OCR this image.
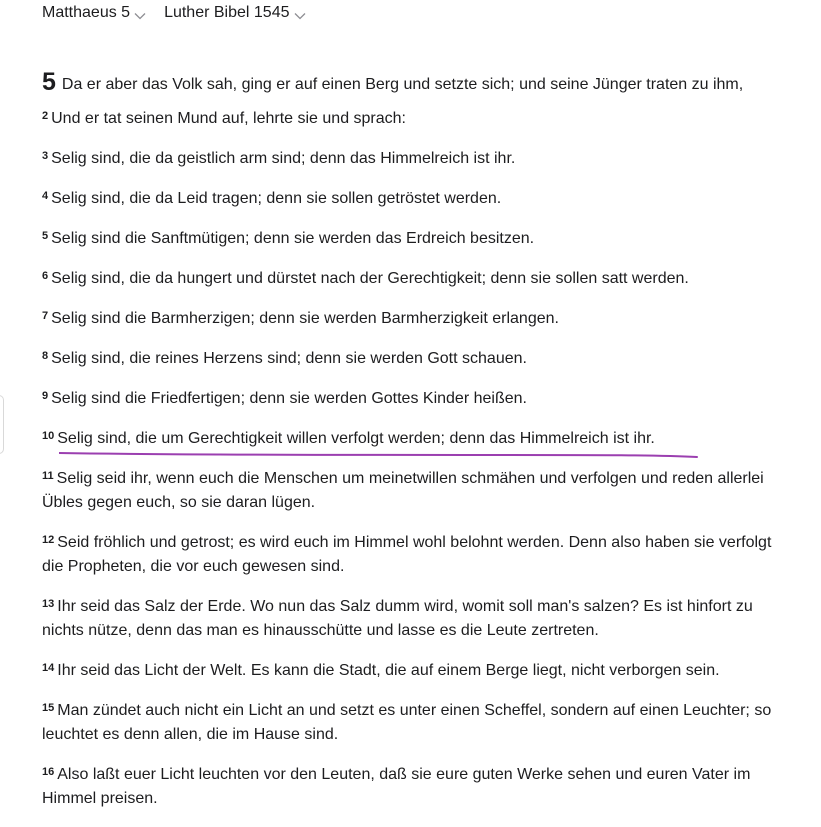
Matthaeus 5 Luther Bibel 1545

5 Da er aber das Volk sah, ging er auf einen Berg und setzte sich; und seine Jünger traten zu ihm,

$^2$ Und er tat seinen Mund auf, lehrte sie und sprach:

$^3$ Selig sind, die da geistlich arm sind; denn das Himmelreich ist ihr.

$^4$ Selig sind, die da Leid tragen; denn sie sollen getröstet werden.

$^5$ Selig sind die Sanftmütigen; denn sie werden das Erdreich besitzen.

$^6$ Selig sind, die da hungert und dürstet nach der Gerechtigkeit; denn sie sollen satt werden.

$^7$ Selig sind die Barmherzigen; denn sie werden Barmherzigkeit erlangen.

$^8$ Selig sind, die reines Herzens sind; denn sie werden Gott schauen.

$^9$ Selig sind die Friedfertigen; denn sie werden Gottes Kinder heißen.

$^{10}$ Selig sind, die um Gerechtigkeit willen verfolgt werden; denn das Himmelreich ist ihr.

$^{11}$ Selig seid ihr, wenn euch die Menschen um meinetwillen schmähen und verfolgen und reden allerlei Übles gegen euch, so sie daran lügen.

$^{12}$ Seid fröhlich und getrost; es wird euch im Himmel wohl belohnt werden. Denn also haben sie verfolgt die Propheten, die vor euch gewesen sind.

$^{13}$ Ihr seid das Salz der Erde. Wo nun das Salz dumm wird, womit soll man's salzen? Es ist hinfort zu nichts nütze, denn das man es hinausschütte und lasse es die Leute zertreten.

$^{14}$ Ihr seid das Licht der Welt. Es kann die Stadt, die auf einem Berge liegt, nicht verborgen sein.

$^{15}$ Man zündet auch nicht ein Licht an und setzt es unter einen Scheffel, sondern auf einen Leuchter; so leuchtet es denn allen, die im Hause sind.

$^{16}$ Also laßt euer Licht leuchten vor den Leuten, daß sie eure guten Werke sehen und euren Vater im Himmel preisen.
